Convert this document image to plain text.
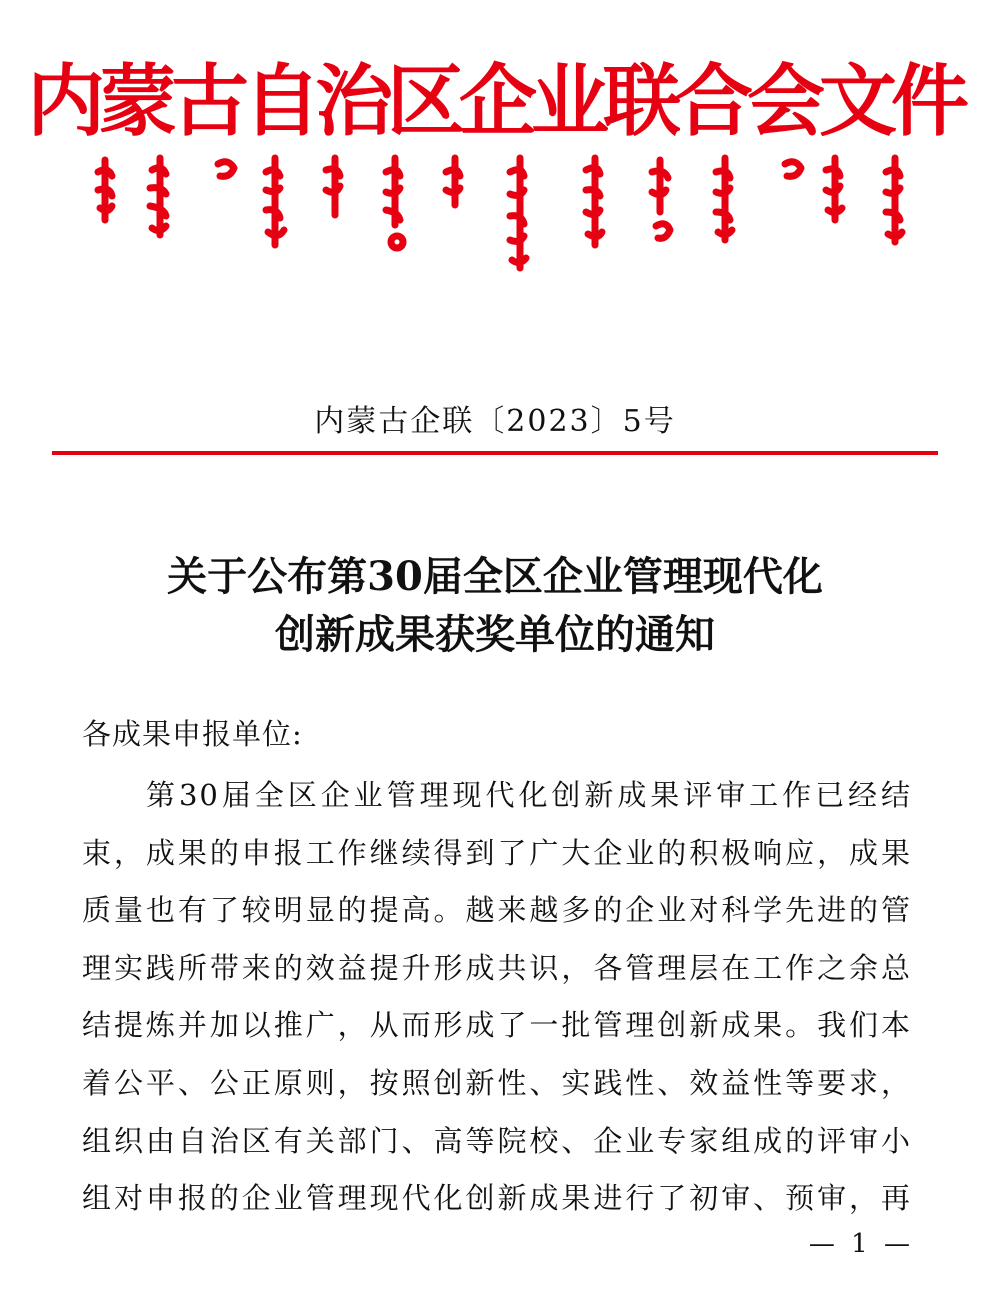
内蒙古自治区企业联合会文件
内蒙古企联〔2023〕5号
关于公布第30届全区企业管理现代化
创新成果获奖单位的通知
各成果申报单位:
第30届全区企业管理现代化创新成果评审工作已经结
束，成果的申报工作继续得到了广大企业的积极响应，成果
质量也有了较明显的提高。越来越多的企业对科学先进的管
理实践所带来的效益提升形成共识，各管理层在工作之余总
结提炼并加以推广，从而形成了一批管理创新成果。我们本
着公平、公正原则，按照创新性、实践性、效益性等要求，
组织由自治区有关部门、高等院校、企业专家组成的评审小
组对申报的企业管理现代化创新成果进行了初审、预审，再
— 1 —
